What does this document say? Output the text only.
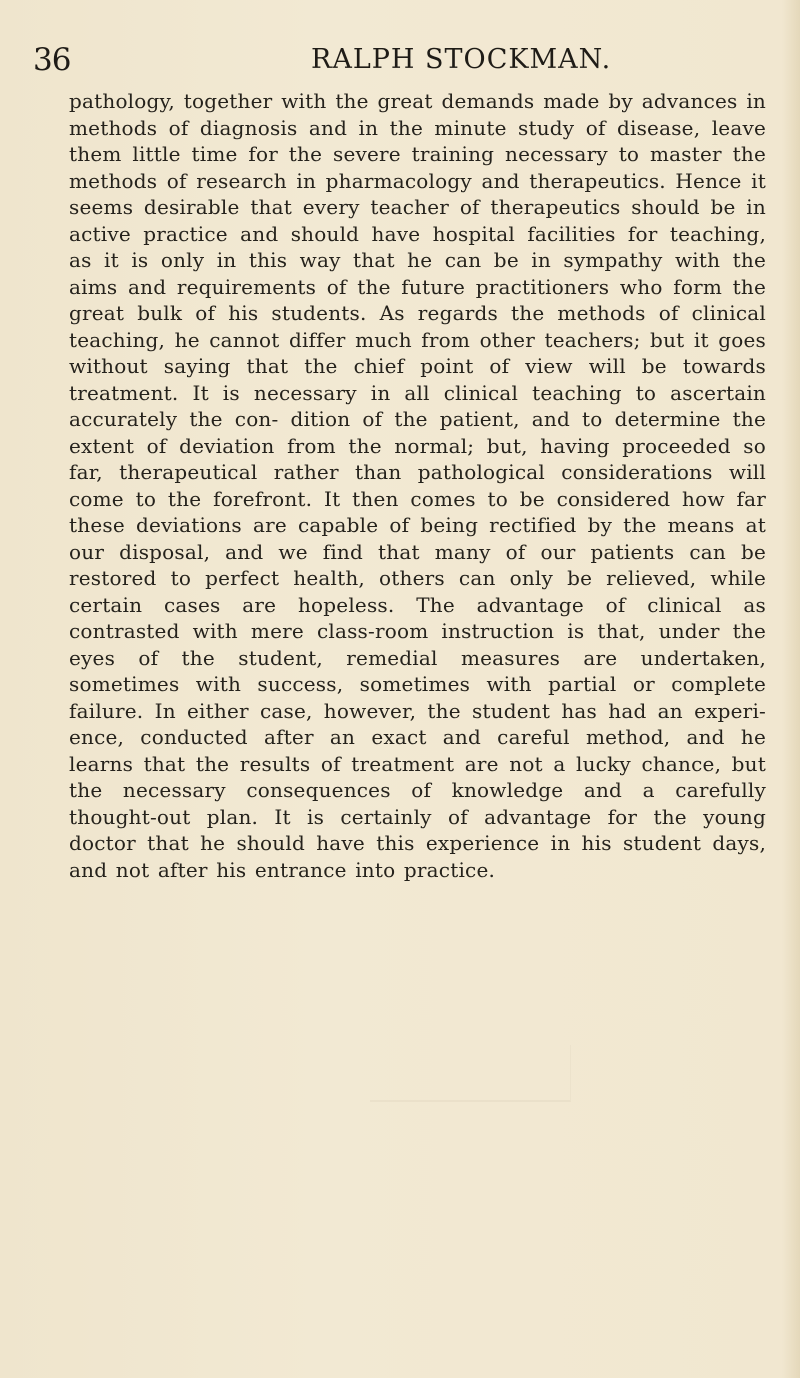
36	RALPH STOCKMAN.

pathology, together with the great demands made by advances in methods of diagnosis and in the minute study of disease, leave them little time for the severe training necessary to master the methods of research in pharmacology and therapeutics. Hence it seems desirable that every teacher of therapeutics should be in active practice and should have hospital facilities for teaching, as it is only in this way that he can be in sympathy with the aims and requirements of the future practitioners who form the great bulk of his students. As regards the methods of clinical teaching, he cannot differ much from other teachers; but it goes without saying that the chief point of view will be towards treatment. It is necessary in all clinical teaching to ascertain accurately the con- dition of the patient, and to determine the extent of deviation from the normal; but, having proceeded so far, therapeutical rather than pathological considerations will come to the forefront. It then comes to be considered how far these deviations are capable of being rectified by the means at our disposal, and we find that many of our patients can be restored to perfect health, others can only be relieved, while certain cases are hopeless. The advantage of clinical as contrasted with mere class-room instruction is that, under the eyes of the student, remedial measures are undertaken, sometimes with success, sometimes with partial or complete failure. In either case, however, the student has had an experi- ence, conducted after an exact and careful method, and he learns that the results of treatment are not a lucky chance, but the necessary consequences of knowledge and a carefully thought-out plan. It is certainly of advantage for the young doctor that he should have this experience in his student days, and not after his entrance into practice.
